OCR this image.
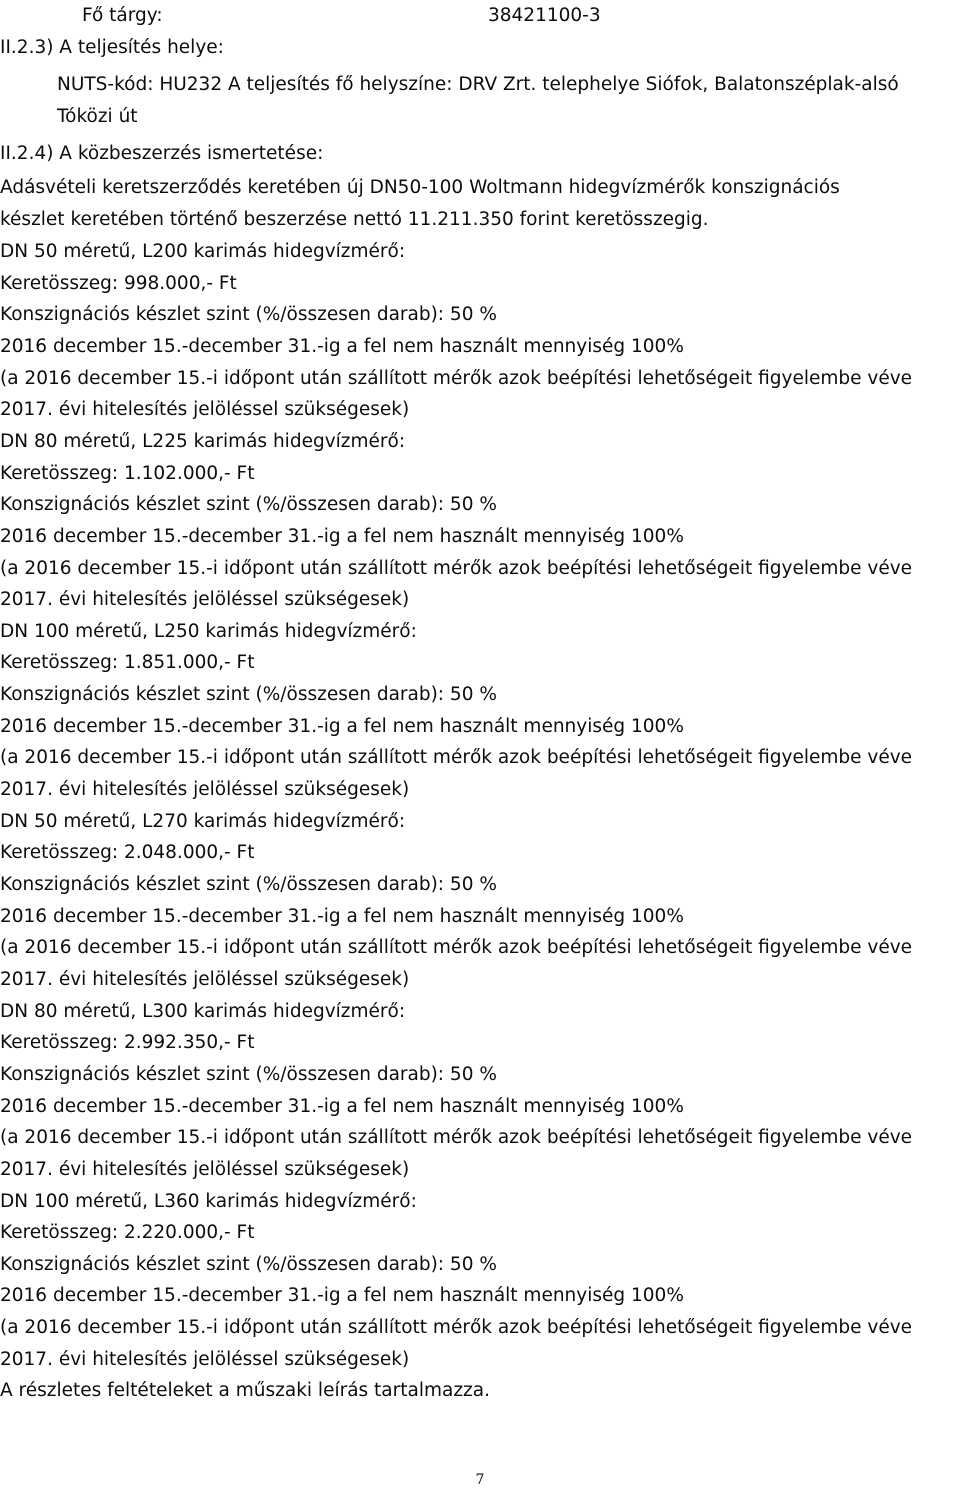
Fő tárgy:	38421100-3
II.2.3) A teljesítés helye:
NUTS-kód: HU232 A teljesítés fő helyszíne: DRV Zrt. telephelye Siófok, Balatonszéplak-alsó
Tóközi út
II.2.4) A közbeszerzés ismertetése:
Adásvételi keretszerződés keretében új DN50-100 Woltmann hidegvízmérők konszignációs
készlet keretében történő beszerzése nettó 11.211.350 forint keretösszegig.
DN 50 méretű, L200 karimás hidegvízmérő:
Keretösszeg: 998.000,- Ft
Konszignációs készlet szint (%/összesen darab): 50 %
2016 december 15.-december 31.-ig a fel nem használt mennyiség 100%
(a 2016 december 15.-i időpont után szállított mérők azok beépítési lehetőségeit figyelembe véve
2017. évi hitelesítés jelöléssel szükségesek)
DN 80 méretű, L225 karimás hidegvízmérő:
Keretösszeg: 1.102.000,- Ft
Konszignációs készlet szint (%/összesen darab): 50 %
2016 december 15.-december 31.-ig a fel nem használt mennyiség 100%
(a 2016 december 15.-i időpont után szállított mérők azok beépítési lehetőségeit figyelembe véve
2017. évi hitelesítés jelöléssel szükségesek)
DN 100 méretű, L250 karimás hidegvízmérő:
Keretösszeg: 1.851.000,- Ft
Konszignációs készlet szint (%/összesen darab): 50 %
2016 december 15.-december 31.-ig a fel nem használt mennyiség 100%
(a 2016 december 15.-i időpont után szállított mérők azok beépítési lehetőségeit figyelembe véve
2017. évi hitelesítés jelöléssel szükségesek)
DN 50 méretű, L270 karimás hidegvízmérő:
Keretösszeg: 2.048.000,- Ft
Konszignációs készlet szint (%/összesen darab): 50 %
2016 december 15.-december 31.-ig a fel nem használt mennyiség 100%
(a 2016 december 15.-i időpont után szállított mérők azok beépítési lehetőségeit figyelembe véve
2017. évi hitelesítés jelöléssel szükségesek)
DN 80 méretű, L300 karimás hidegvízmérő:
Keretösszeg: 2.992.350,- Ft
Konszignációs készlet szint (%/összesen darab): 50 %
2016 december 15.-december 31.-ig a fel nem használt mennyiség 100%
(a 2016 december 15.-i időpont után szállított mérők azok beépítési lehetőségeit figyelembe véve
2017. évi hitelesítés jelöléssel szükségesek)
DN 100 méretű, L360 karimás hidegvízmérő:
Keretösszeg: 2.220.000,- Ft
Konszignációs készlet szint (%/összesen darab): 50 %
2016 december 15.-december 31.-ig a fel nem használt mennyiség 100%
(a 2016 december 15.-i időpont után szállított mérők azok beépítési lehetőségeit figyelembe véve
2017. évi hitelesítés jelöléssel szükségesek)
A részletes feltételeket a műszaki leírás tartalmazza.
7
